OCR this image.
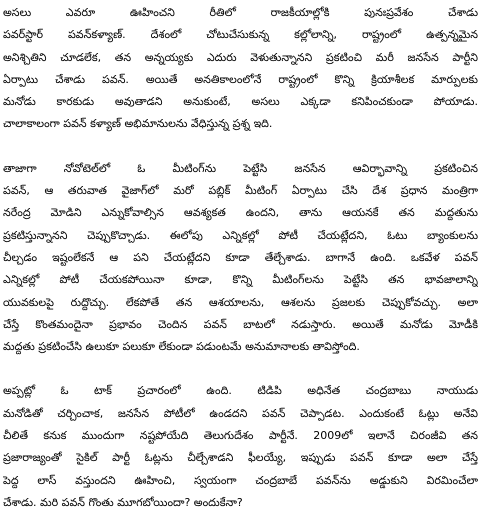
అసలు ఎవరూ ఊహించని రీతిలో రాజకీయాల్లోకి పునఃప్రవేశం చేశాడు
పవర్‌స్టార్ పవన్‌కళ్యాణ్. దేశంలో చోటుచేసుకున్న కల్లోలాన్ని, రాష్ట్రంలో ఉత్పన్నమైన
అనిశ్చితిని చూడలేక, తన అన్నయ్యకు ఎదురు వెళుతున్నానని ప్రకటించి మరీ జనసేన పార్టీని
ఏర్పాటు చేశాడు పవన్. అయితే అనతికాలంలోనే రాష్ట్రంలో కొన్ని క్రియాశీలక మార్పులకు
మనోడు కారకుడు అవుతాడని అనుకుంటే, అసలు ఎక్కడా కనిపించకుండా పోయాడు.
చాలాకాలంగా పవన్ కళ్యాణ్ అభిమానులను వేధిస్తున్న ప్రశ్న ఇది.
తాజాగా నోవోటెల్‌లో ఓ మీటింగ్‌ను పెట్టేసి జనసేన ఆవిర్భావాన్ని ప్రకటించిన
పవన్, ఆ తరువాత వైజాగ్‌లో మరో పబ్లిక్ మీటింగ్ ఏర్పాటు చేసి దేశ ప్రధాన మంత్రిగా
నరేంద్ర మోడిని ఎన్నుకోవాల్సిన ఆవశ్యకత ఉందని, తాను ఆయనకే తన మద్దతును
ప్రకటిస్తున్నానని చెప్పుకొచ్చాడు. ఈలోపు ఎన్నికల్లో పోటీ చేయట్లేదని, ఓటు బ్యాంకులను
చీల్చడం ఇష్టంలేకనే ఆ పని చేయట్లేదని కూడా తేల్చేశాడు. బాగానే ఉంది. ఒకవేళ పవన్
ఎన్నికల్లో పోటీ చేయకపోయినా కూడా, కొన్ని మీటింగ్‌లను పెట్టేసి తన భావజాలాన్ని
యువకులపై రుద్దొచ్చు. లేకపోతే తన ఆశయాలను, ఆశలను ప్రజలకు చెప్పుకోవచ్చు. అలా
చేస్తే కొంతమందైనా ప్రభావం చెందిన పవన్ బాటలో నడుస్తారు. అయితే మనోడు మోడీకి
మద్దతు ప్రకటించేసి ఉలుకూ పలుకూ లేకుండా పడుంటమే అనుమానాలకు తావిస్తోంది.
అప్పట్లో ఓ టాక్ ప్రచారంలో ఉంది. టిడిపి అధినేత చంద్రబాబు నాయుడు
మనోడితో చర్చించాక, జనసేన పోటీలో ఉండదని పవన్ చెప్పాడట. ఎందుకంటే ఓట్లు అనేవి
చీలితే కనుక ముందుగా నష్టపోయేది తెలుగుదేశం పార్టీనే. 2009లో ఇలానే చిరంజీవి తన
ప్రజారాజ్యంతో సైకిల్ పార్టీ ఓట్లను చీల్చేశాడని ఫీలయ్యే, ఇప్పుడు పవన్ కూడా అలా చేస్తే
పెద్ద లాస్ వస్తుందని ఊహించి, స్వయంగా చంద్రబాబే పవన్‌ను అడ్డుకుని విరమించేలా
చేశాడు. మరి పవన్ గొంతు మూగబోయిందా? అందుకేనా?
